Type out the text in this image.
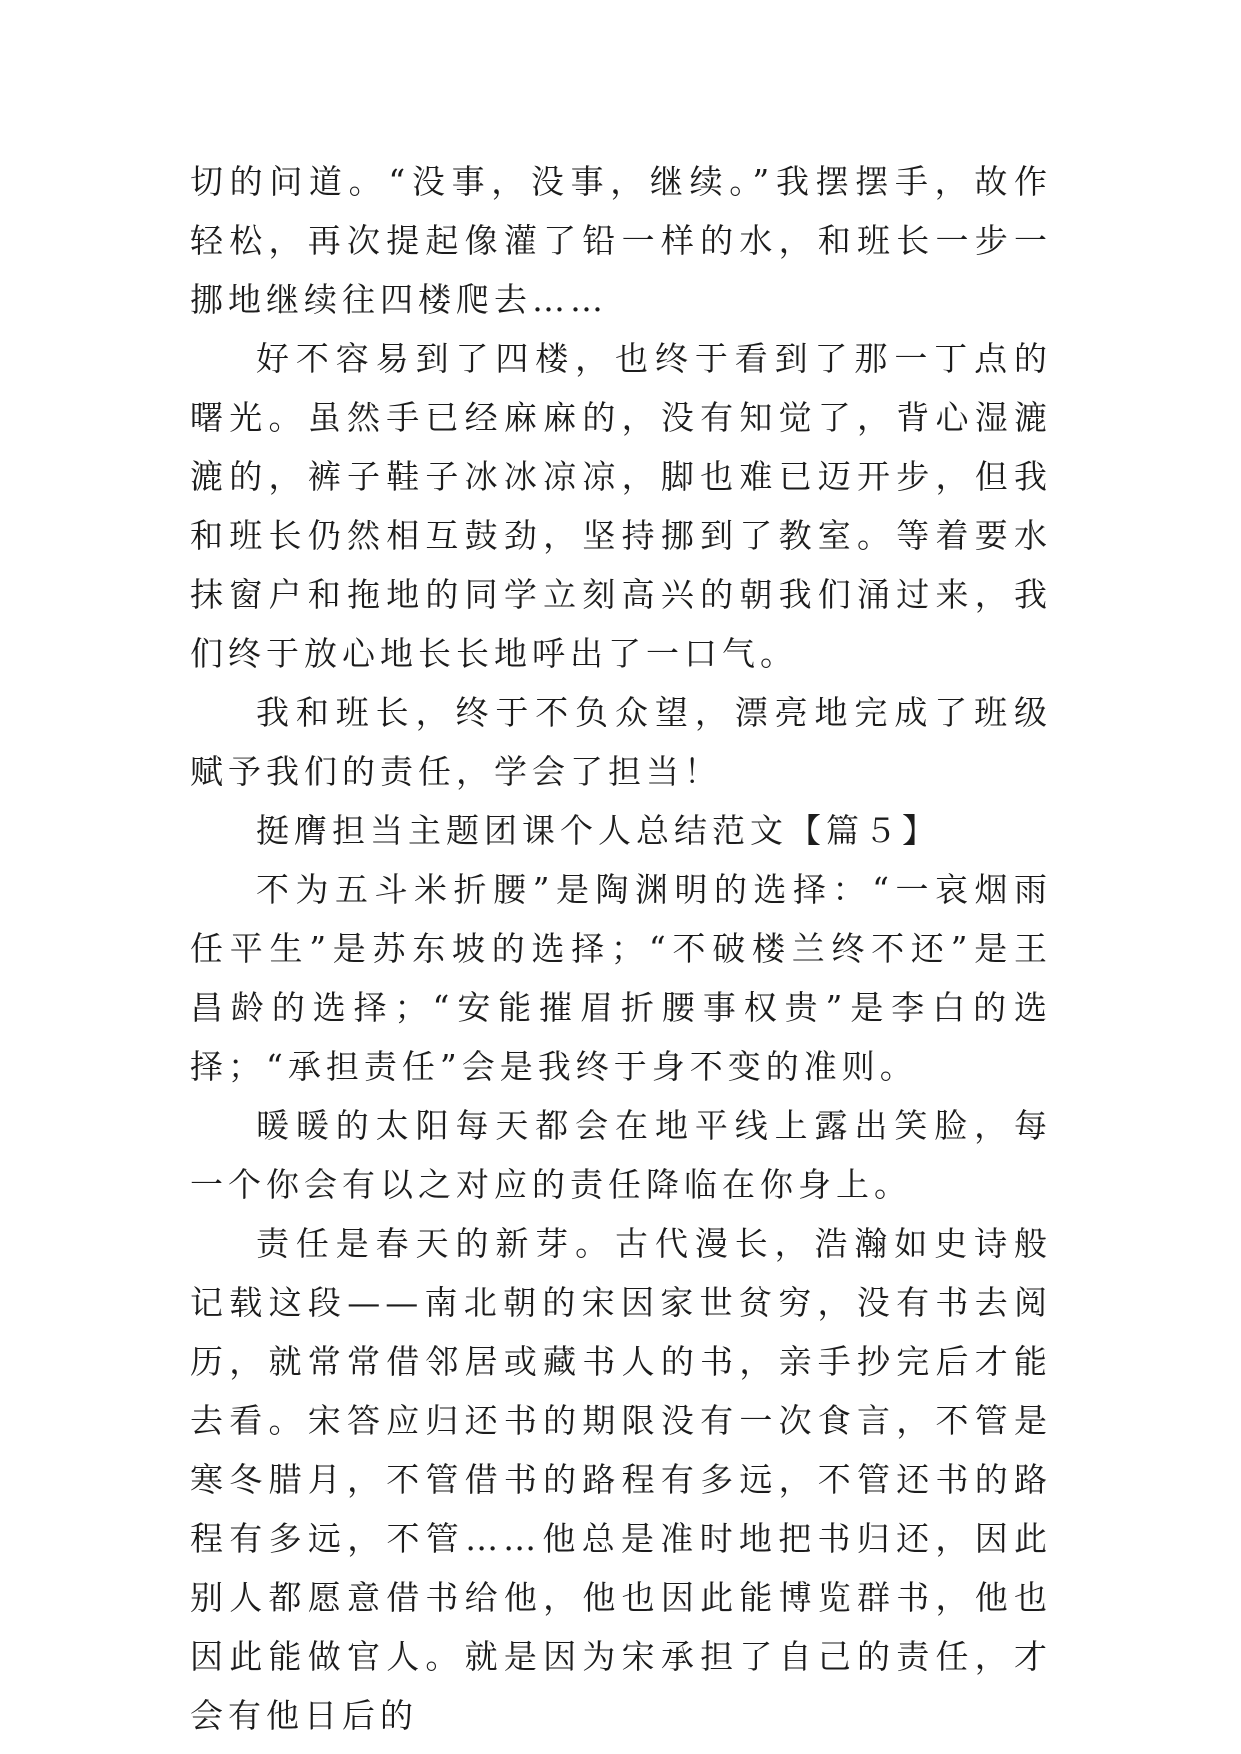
切的问道。“没事，没事，继续。”我摆摆手，故作轻松，再次提起像灌了铅一样的水，和班长一步一挪地继续往四楼爬去……

好不容易到了四楼，也终于看到了那一丁点的曙光。虽然手已经麻麻的，没有知觉了，背心湿漉漉的，裤子鞋子冰冰凉凉，脚也难已迈开步，但我和班长仍然相互鼓劲，坚持挪到了教室。等着要水抹窗户和拖地的同学立刻高兴的朝我们涌过来，我们终于放心地长长地呼出了一口气。

我和班长，终于不负众望，漂亮地完成了班级赋予我们的责任，学会了担当！

挺膺担当主题团课个人总结范文【篇５】

不为五斗米折腰”是陶渊明的选择：“一哀烟雨任平生”是苏东坡的选择；“不破楼兰终不还”是王昌龄的选择；“安能摧眉折腰事权贵”是李白的选择；“承担责任”会是我终于身不变的准则。

暖暖的太阳每天都会在地平线上露出笑脸，每一个你会有以之对应的责任降临在你身上。

责任是春天的新芽。古代漫长，浩瀚如史诗般记载这段——南北朝的宋因家世贫穷，没有书去阅历，就常常借邻居或藏书人的书，亲手抄完后才能去看。宋答应归还书的期限没有一次食言，不管是寒冬腊月，不管借书的路程有多远，不管还书的路程有多远，不管……他总是准时地把书归还，因此别人都愿意借书给他，他也因此能博览群书，他也因此能做官人。就是因为宋承担了自己的责任，才会有他日后的
